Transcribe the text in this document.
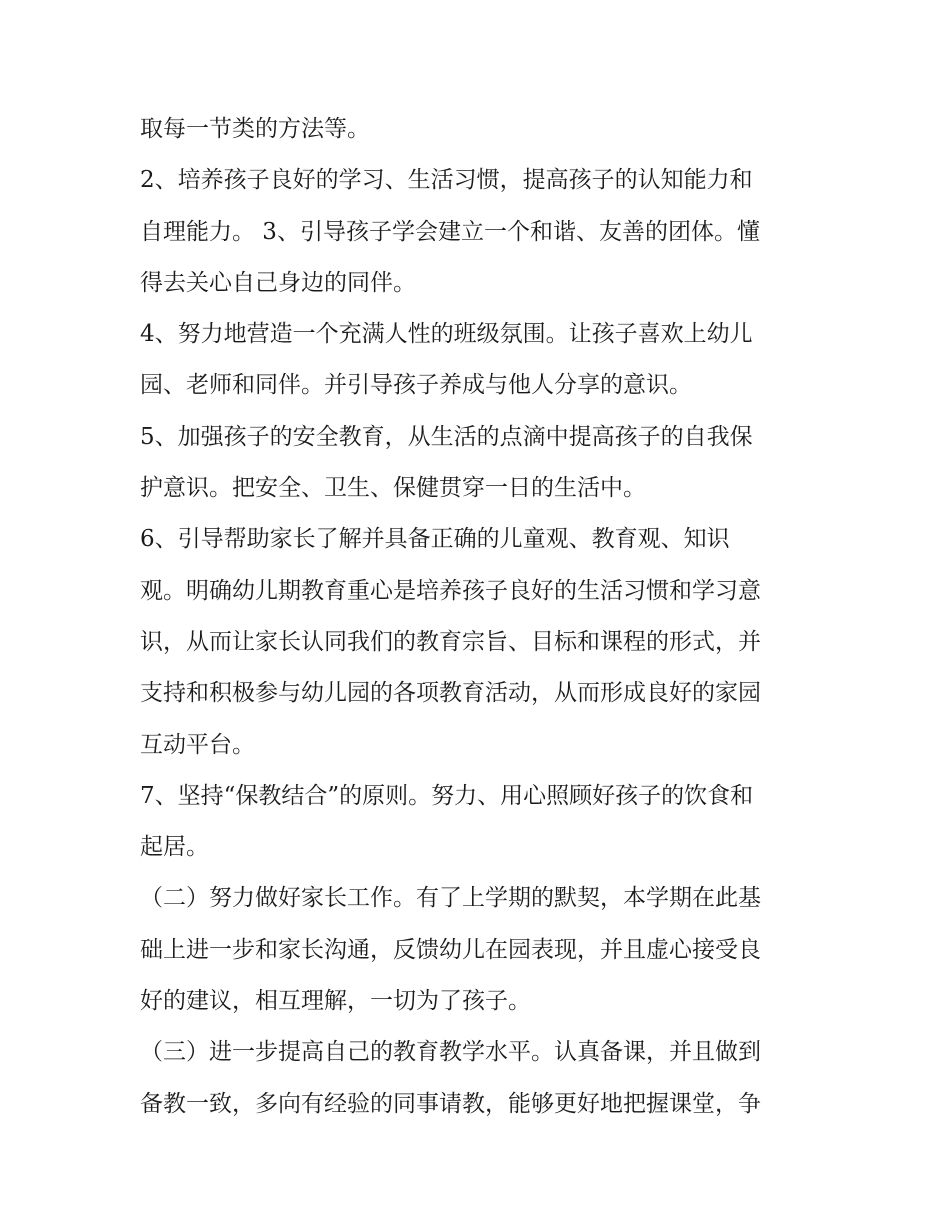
取每一节类的方法等。
2、培养孩子良好的学习、生活习惯，提高孩子的认知能力和
自理能力。 3、引导孩子学会建立一个和谐、友善的团体。懂
得去关心自己身边的同伴。
4、努力地营造一个充满人性的班级氛围。让孩子喜欢上幼儿
园、老师和同伴。并引导孩子养成与他人分享的意识。
5、加强孩子的安全教育，从生活的点滴中提高孩子的自我保
护意识。把安全、卫生、保健贯穿一日的生活中。
6、引导帮助家长了解并具备正确的儿童观、教育观、知识
观。明确幼儿期教育重心是培养孩子良好的生活习惯和学习意
识，从而让家长认同我们的教育宗旨、目标和课程的形式，并
支持和积极参与幼儿园的各项教育活动，从而形成良好的家园
互动平台。
7、坚持“保教结合”的原则。努力、用心照顾好孩子的饮食和
起居。
（二）努力做好家长工作。有了上学期的默契，本学期在此基
础上进一步和家长沟通，反馈幼儿在园表现，并且虚心接受良
好的建议，相互理解，一切为了孩子。
（三）进一步提高自己的教育教学水平。认真备课，并且做到
备教一致，多向有经验的同事请教，能够更好地把握课堂，争
